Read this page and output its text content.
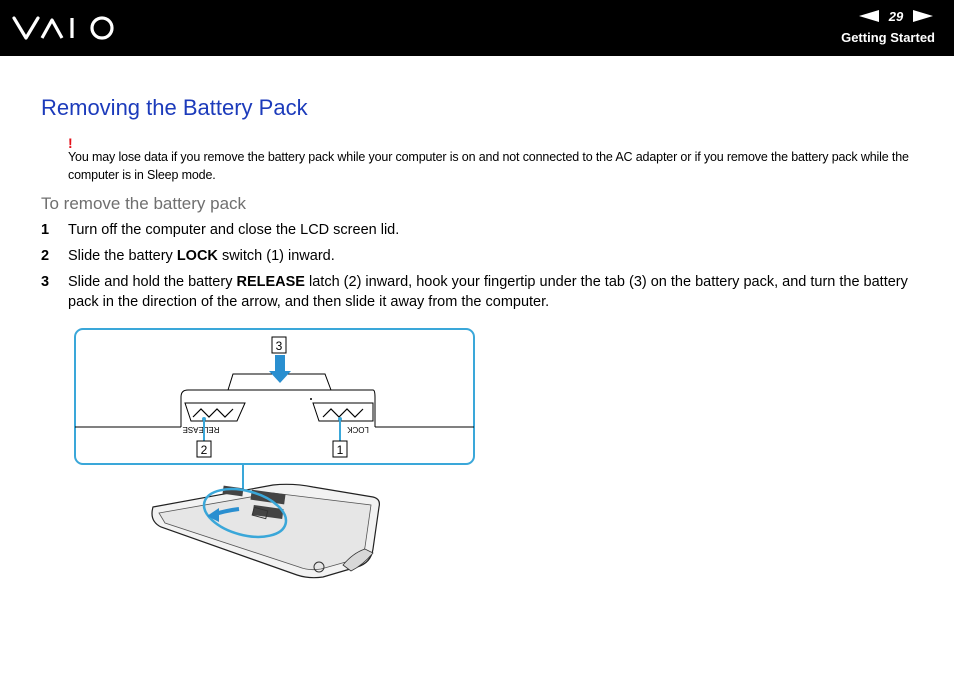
29
Getting Started
Removing the Battery Pack
!
You may lose data if you remove the battery pack while your computer is on and not connected to the AC adapter or if you remove the battery pack while the computer is in Sleep mode.
To remove the battery pack
1 Turn off the computer and close the LCD screen lid.
2 Slide the battery LOCK switch (1) inward.
3 Slide and hold the battery RELEASE latch (2) inward, hook your fingertip under the tab (3) on the battery pack, and turn the battery pack in the direction of the arrow, and then slide it away from the computer.
RELEASE	LOCK
3
2	1
